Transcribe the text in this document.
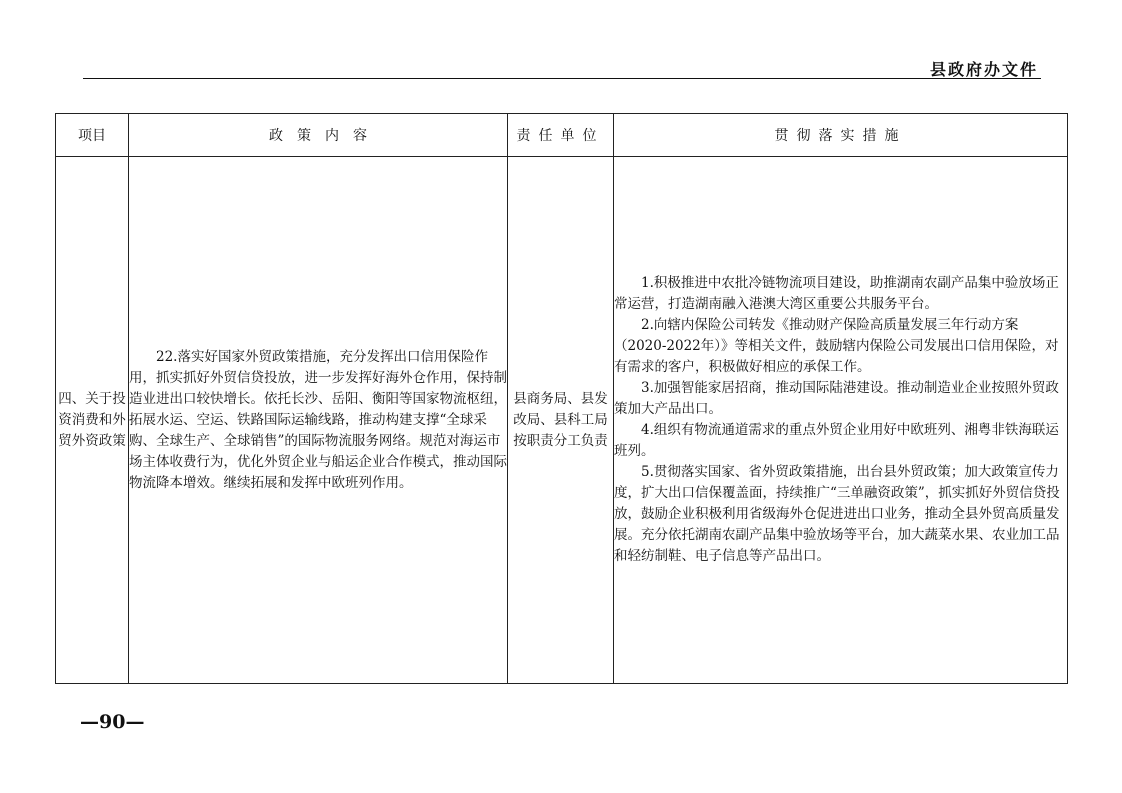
县政府办文件
项目	政　策　内　容	责任单位	贯彻落实措施
四、关于投资消费和外贸外资政策	22.落实好国家外贸政策措施，充分发挥出口信用保险作用，抓实抓好外贸信贷投放，进一步发挥好海外仓作用，保持制造业进出口较快增长。依托长沙、岳阳、衡阳等国家物流枢纽，拓展水运、空运、铁路国际运输线路，推动构建支撑“全球采购、全球生产、全球销售”的国际物流服务网络。规范对海运市场主体收费行为，优化外贸企业与船运企业合作模式，推动国际物流降本增效。继续拓展和发挥中欧班列作用。	县商务局、县发改局、县科工局按职责分工负责	1.积极推进中农批冷链物流项目建设，助推湖南农副产品集中验放场正常运营，打造湖南融入港澳大湾区重要公共服务平台。

2.向辖内保险公司转发《推动财产保险高质量发展三年行动方案（2020-2022年）》等相关文件，鼓励辖内保险公司发展出口信用保险，对有需求的客户，积极做好相应的承保工作。

3.加强智能家居招商，推动国际陆港建设。推动制造业企业按照外贸政策加大产品出口。

4.组织有物流通道需求的重点外贸企业用好中欧班列、湘粤非铁海联运班列。

5.贯彻落实国家、省外贸政策措施，出台县外贸政策；加大政策宣传力度，扩大出口信保覆盖面，持续推广“三单融资政策”，抓实抓好外贸信贷投放，鼓励企业积极利用省级海外仓促进进出口业务，推动全县外贸高质量发展。充分依托湖南农副产品集中验放场等平台，加大蔬菜水果、农业加工品和轻纺制鞋、电子信息等产品出口。

—90—
